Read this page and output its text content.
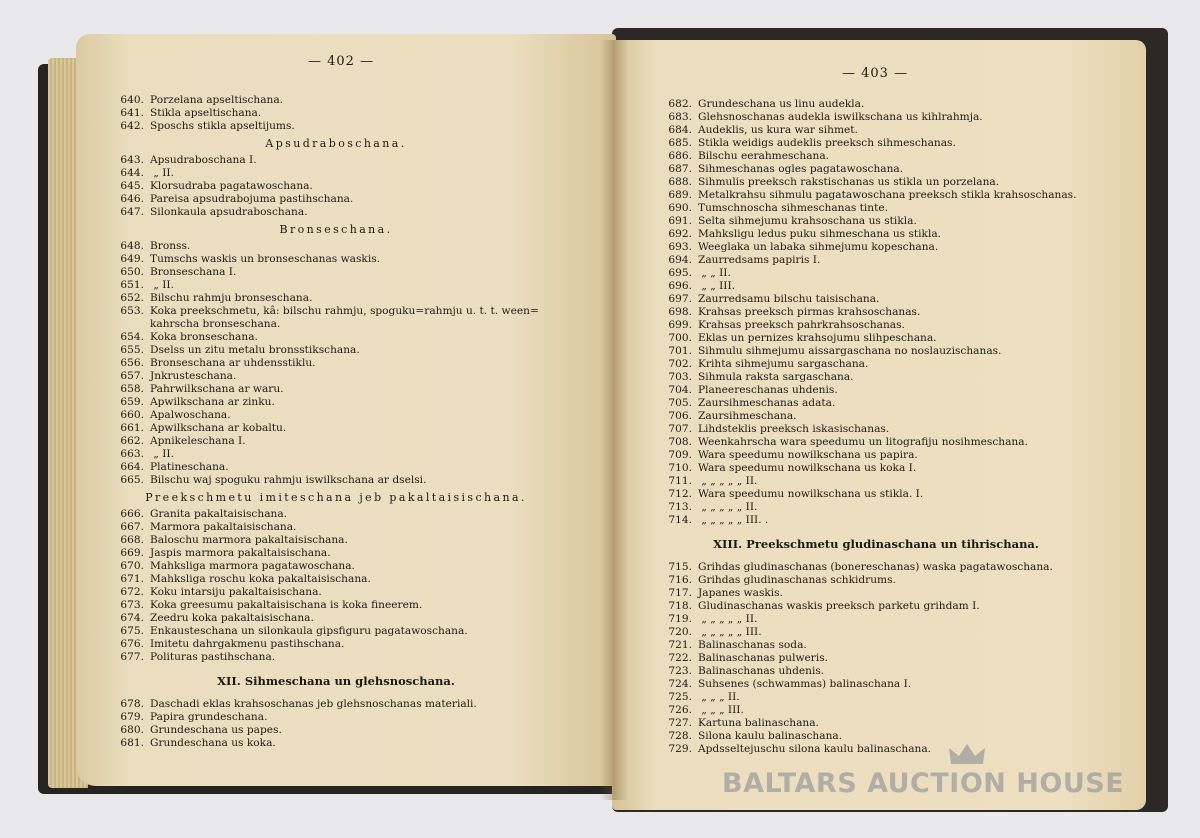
— 402 —
640. Porzelana apseltischana.
641. Stikla apseltischana.
642. Sposchs stikla apseltijums.
Apsudraboschana.
643. Apsudraboschana I.
644. „ II.
645. Klorsudraba pagatawoschana.
646. Pareisa apsudrabojuma pastihschana.
647. Silonkaula apsudraboschana.
Bronseschana.
648. Bronss.
649. Tumschs waskis un bronseschanas waskis.
650. Bronseschana I.
651. „ II.
652. Bilschu rahmju bronseschana.
653. Koka preekschmetu, kâ: bilschu rahmju, spoguku=rahmju u. t. t. ween=
kahrscha bronseschana.
654. Koka bronseschana.
655. Dselss un zitu metalu bronsstikschana.
656. Bronseschana ar uhdensstiklu.
657. Jnkrusteschana.
658. Pahrwilkschana ar waru.
659. Apwilkschana ar zinku.
660. Apalwoschana.
661. Apwilkschana ar kobaltu.
662. Apnikeleschana I.
663. „ II.
664. Platineschana.
665. Bilschu waj spoguku rahmju iswilkschana ar dselsi.
Preekschmetu imiteschana jeb pakaltaisischana.
666. Granita pakaltaisischana.
667. Marmora pakaltaisischana.
668. Baloschu marmora pakaltaisischana.
669. Jaspis marmora pakaltaisischana.
670. Mahksliga marmora pagatawoschana.
671. Mahksliga roschu koka pakaltaisischana.
672. Koku intarsiju pakaltaisischana.
673. Koka greesumu pakaltaisischana is koka fineerem.
674. Zeedru koka pakaltaisischana.
675. Enkausteschana un silonkaula gipsfiguru pagatawoschana.
676. Imitetu dahrgakmenu pastihschana.
677. Polituras pastihschana.
XII. Sihmeschana un glehsnoschana.
678. Daschadi eklas krahsoschanas jeb glehsnoschanas materiali.
679. Papira grundeschana.
680. Grundeschana us papes.
681. Grundeschana us koka.
— 403 —
682. Grundeschana us linu audekla.
683. Glehsnoschanas audekla iswilkschana us kihlrahmja.
684. Audeklis, us kura war sihmet.
685. Stikla weidigs audeklis preeksch sihmeschanas.
686. Bilschu eerahmeschana.
687. Sihmeschanas ogles pagatawoschana.
688. Sihmulis preeksch rakstischanas us stikla un porzelana.
689. Metalkrahsu sihmulu pagatawoschana preeksch stikla krahsoschanas.
690. Tumschnoscha sihmeschanas tinte.
691. Selta sihmejumu krahsoschana us stikla.
692. Mahksligu ledus puku sihmeschana us stikla.
693. Weeglaka un labaka sihmejumu kopeschana.
694. Zaurredsams papiris I.
695. „ „ II.
696. „ „ III.
697. Zaurredsamu bilschu taisischana.
698. Krahsas preeksch pirmas krahsoschanas.
699. Krahsas preeksch pahrkrahsoschanas.
700. Eklas un pernizes krahsojumu slihpeschana.
701. Sihmulu sihmejumu aissargaschana no noslauzischanas.
702. Krihta sihmejumu sargaschana.
703. Sihmula raksta sargaschana.
704. Planeereschanas uhdenis.
705. Zaursihmeschanas adata.
706. Zaursihmeschana.
707. Lihdsteklis preeksch iskasischanas.
708. Weenkahrscha wara speedumu un litografiju nosihmeschana.
709. Wara speedumu nowilkschana us papira.
710. Wara speedumu nowilkschana us koka I.
711. „ „ „ „ „ II.
712. Wara speedumu nowilkschana us stikla. I.
713. „ „ „ „ „ II.
714. „ „ „ „ „ III. .
XIII. Preekschmetu gludinaschana un tihrischana.
715. Grihdas gludinaschanas (bonereschanas) waska pagatawoschana.
716. Grihdas gludinaschanas schkidrums.
717. Japanes waskis.
718. Gludinaschanas waskis preeksch parketu grihdam I.
719. „ „ „ „ „ II.
720. „ „ „ „ „ III.
721. Balinaschanas soda.
722. Balinaschanas pulweris.
723. Balinaschanas uhdenis.
724. Suhsenes (schwammas) balinaschana I.
725. „ „ „ II.
726. „ „ „ III.
727. Kartuna balinaschana.
728. Silona kaulu balinaschana.
729. Apdsseltejuschu silona kaulu balinaschana.
BALTARS AUCTION HOUSE
